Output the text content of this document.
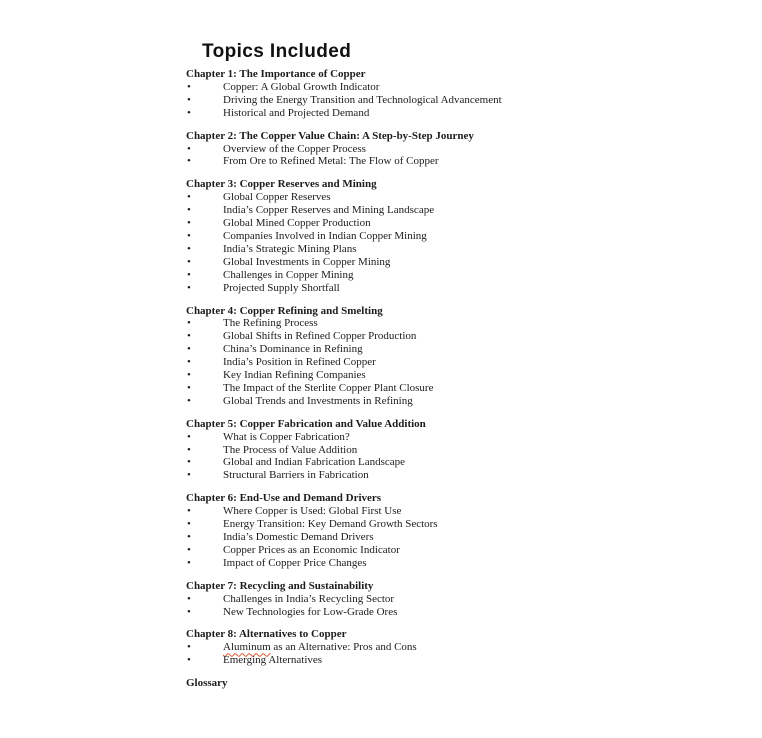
Topics Included
Chapter 1: The Importance of Copper
•	Copper: A Global Growth Indicator
•	Driving the Energy Transition and Technological Advancement
•	Historical and Projected Demand
Chapter 2: The Copper Value Chain: A Step-by-Step Journey
•	Overview of the Copper Process
•	From Ore to Refined Metal: The Flow of Copper
Chapter 3: Copper Reserves and Mining
•	Global Copper Reserves
•	India’s Copper Reserves and Mining Landscape
•	Global Mined Copper Production
•	Companies Involved in Indian Copper Mining
•	India’s Strategic Mining Plans
•	Global Investments in Copper Mining
•	Challenges in Copper Mining
•	Projected Supply Shortfall
Chapter 4: Copper Refining and Smelting
•	The Refining Process
•	Global Shifts in Refined Copper Production
•	China’s Dominance in Refining
•	India’s Position in Refined Copper
•	Key Indian Refining Companies
•	The Impact of the Sterlite Copper Plant Closure
•	Global Trends and Investments in Refining
Chapter 5: Copper Fabrication and Value Addition
•	What is Copper Fabrication?
•	The Process of Value Addition
•	Global and Indian Fabrication Landscape
•	Structural Barriers in Fabrication
Chapter 6: End-Use and Demand Drivers
•	Where Copper is Used: Global First Use
•	Energy Transition: Key Demand Growth Sectors
•	India’s Domestic Demand Drivers
•	Copper Prices as an Economic Indicator
•	Impact of Copper Price Changes
Chapter 7: Recycling and Sustainability
•	Challenges in India’s Recycling Sector
•	New Technologies for Low-Grade Ores
Chapter 8: Alternatives to Copper
•	Aluminum as an Alternative: Pros and Cons
•	Emerging Alternatives
Glossary
